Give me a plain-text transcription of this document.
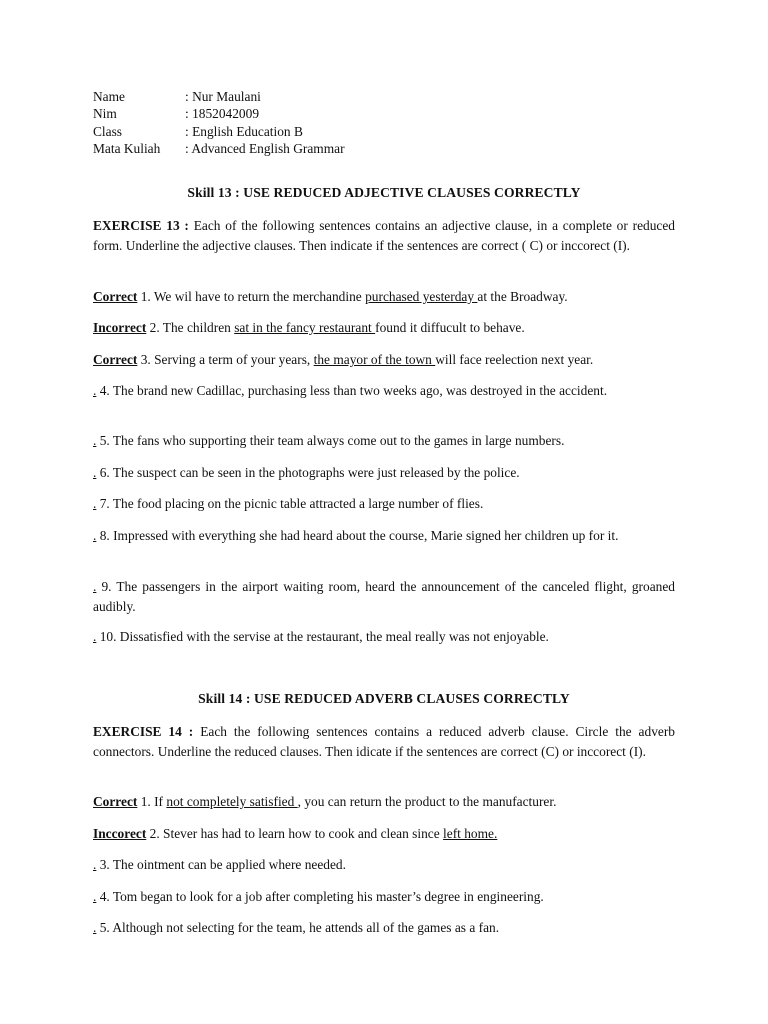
Name	: Nur Maulani
Nim	: 1852042009
Class	: English Education B
Mata Kuliah	: Advanced English Grammar
Skill 13 : USE REDUCED ADJECTIVE CLAUSES CORRECTLY
EXERCISE 13 : Each of the following sentences contains an adjective clause, in a complete or reduced form. Underline the adjective clauses. Then indicate if the sentences are correct ( C) or inccorect (I).
Correct 1. We wil have to return the merchandine purchased yesterday at the Broadway.
Incorrect 2. The children sat in the fancy restaurant found it diffucult to behave.
Correct 3. Serving a term of your years, the mayor of the town will face reelection next year.
. 4. The brand new Cadillac, purchasing less than two weeks ago, was destroyed in the accident.
. 5. The fans who supporting their team always come out to the games in large numbers.
. 6. The suspect can be seen in the photographs were just released by the police.
. 7. The food placing on the picnic table attracted a large number of flies.
. 8. Impressed with everything she had heard about the course, Marie signed her children up for it.
. 9. The passengers in the airport waiting room, heard the announcement of the canceled flight, groaned audibly.
. 10. Dissatisfied with the servise at the restaurant, the meal really was not enjoyable.
Skill 14 : USE REDUCED ADVERB CLAUSES CORRECTLY
EXERCISE 14 : Each the following sentences contains a reduced adverb clause. Circle the adverb connectors. Underline the reduced clauses. Then idicate if the sentences are correct (C) or inccorect (I).
Correct 1. If not completely satisfied , you can return the product to the manufacturer.
Inccorect 2. Stever has had to learn how to cook and clean since left home.
. 3. The ointment can be applied where needed.
. 4. Tom began to look for a job after completing his master’s degree in engineering.
. 5. Although not selecting for the team, he attends all of the games as a fan.
